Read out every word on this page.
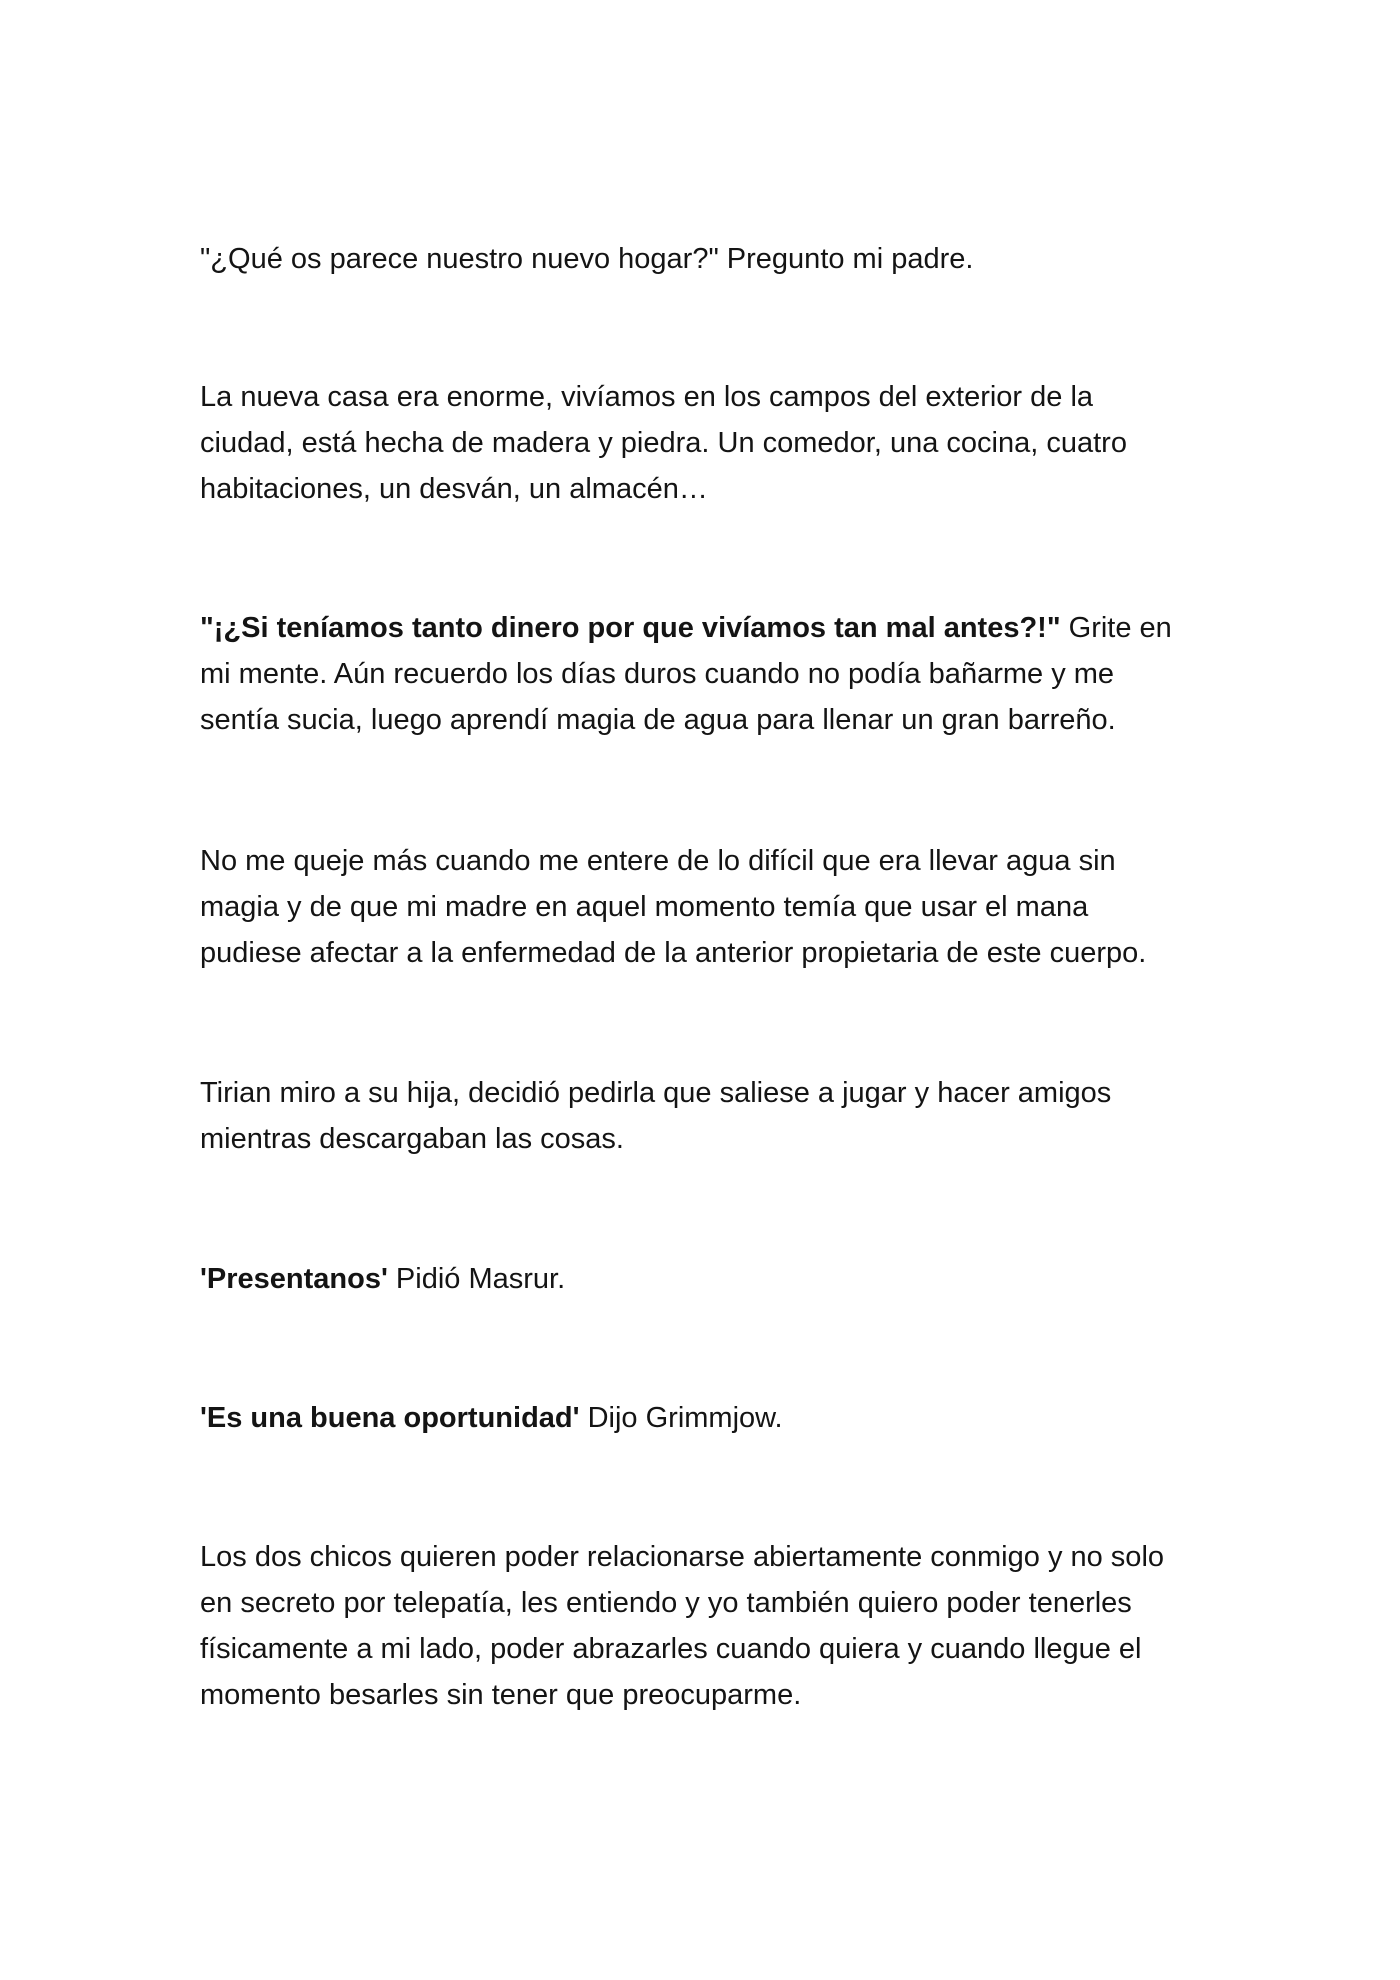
"¿Qué os parece nuestro nuevo hogar?" Pregunto mi padre.

La nueva casa era enorme, vivíamos en los campos del exterior de la
ciudad, está hecha de madera y piedra. Un comedor, una cocina, cuatro
habitaciones, un desván, un almacén…

"¡¿Si teníamos tanto dinero por que vivíamos tan mal antes?!" Grite en
mi mente. Aún recuerdo los días duros cuando no podía bañarme y me
sentía sucia, luego aprendí magia de agua para llenar un gran barreño.

No me queje más cuando me entere de lo difícil que era llevar agua sin
magia y de que mi madre en aquel momento temía que usar el mana
pudiese afectar a la enfermedad de la anterior propietaria de este cuerpo.

Tirian miro a su hija, decidió pedirla que saliese a jugar y hacer amigos
mientras descargaban las cosas.

'Presentanos' Pidió Masrur.

'Es una buena oportunidad' Dijo Grimmjow.

Los dos chicos quieren poder relacionarse abiertamente conmigo y no solo
en secreto por telepatía, les entiendo y yo también quiero poder tenerles
físicamente a mi lado, poder abrazarles cuando quiera y cuando llegue el
momento besarles sin tener que preocuparme.
